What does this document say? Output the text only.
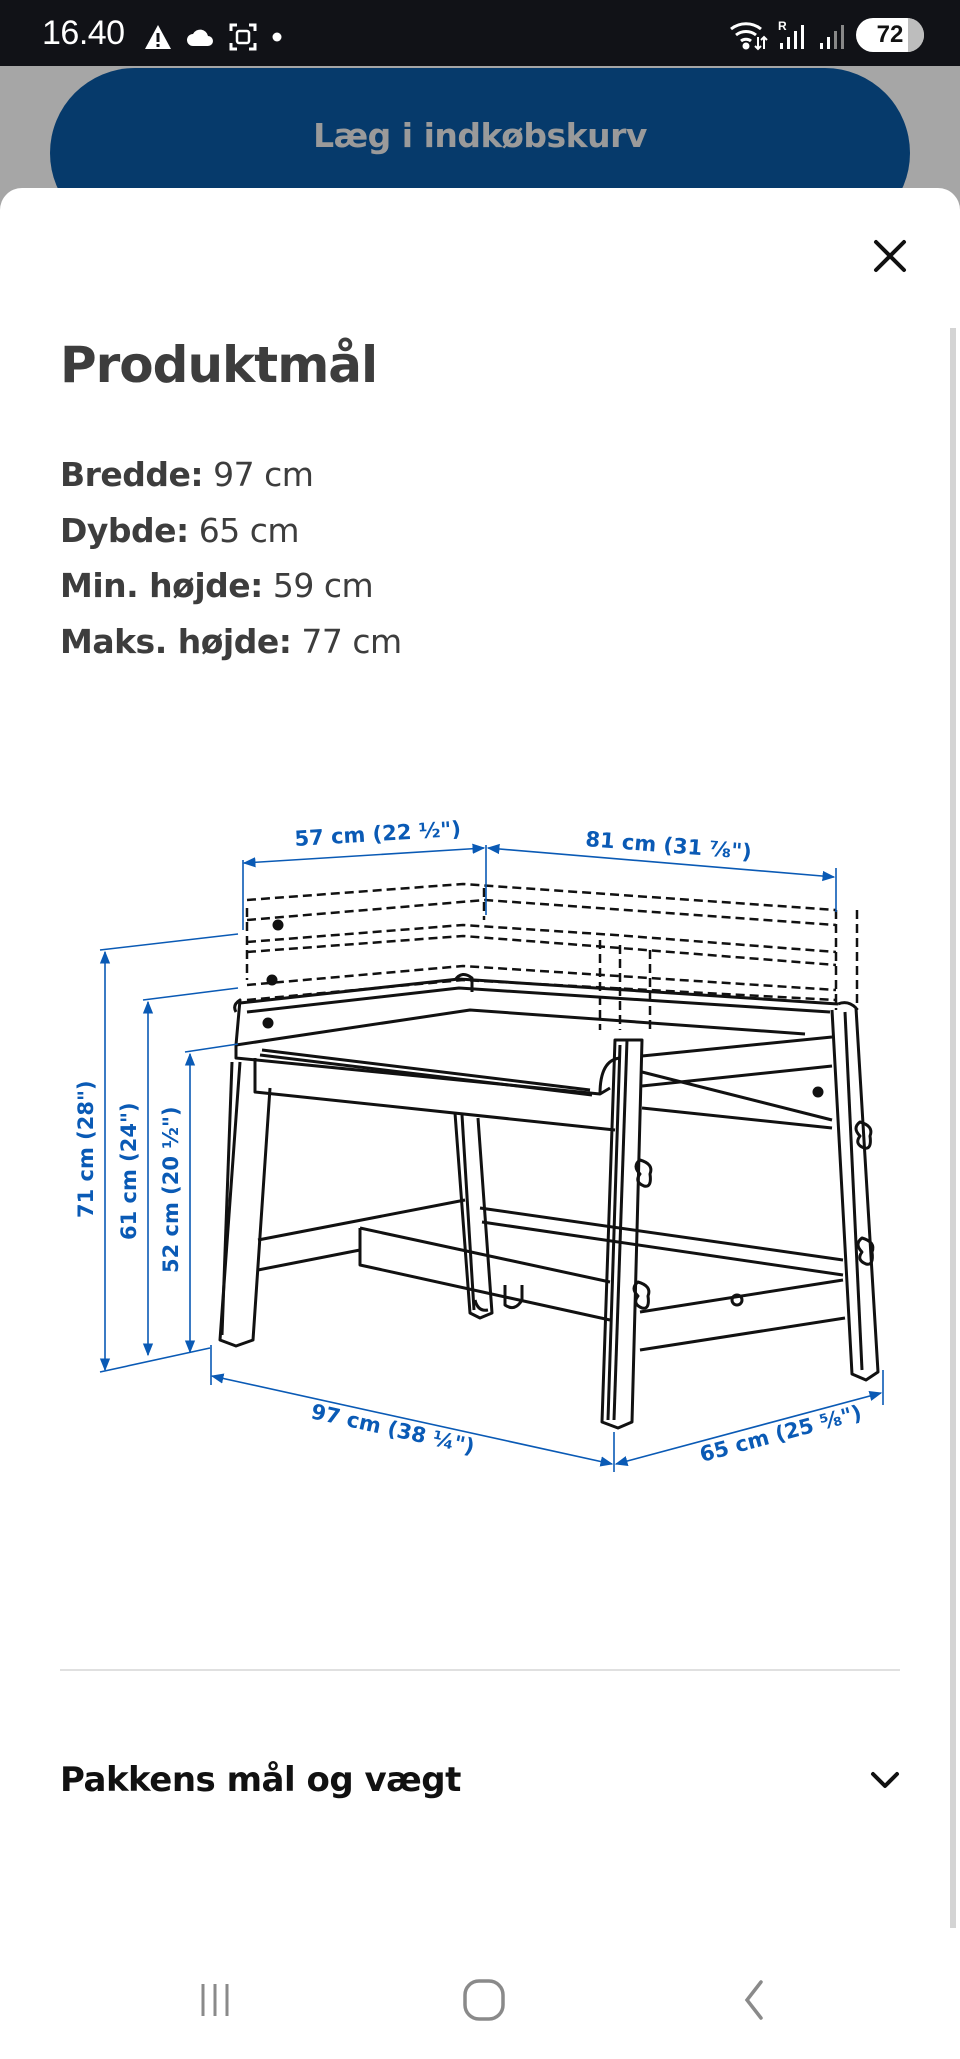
16.40	R	72
Læg i indkøbskurv
Produktmål
Bredde: 97 cm
Dybde: 65 cm
Min. højde: 59 cm
Maks. højde: 77 cm
57 cm (22 ½")	81 cm (31 ⅞")
71 cm (28") 61 cm (24") 52 cm (20 ½")
97 cm (38 ¼")	65 cm (25 ⅝")
Pakkens mål og vægt
